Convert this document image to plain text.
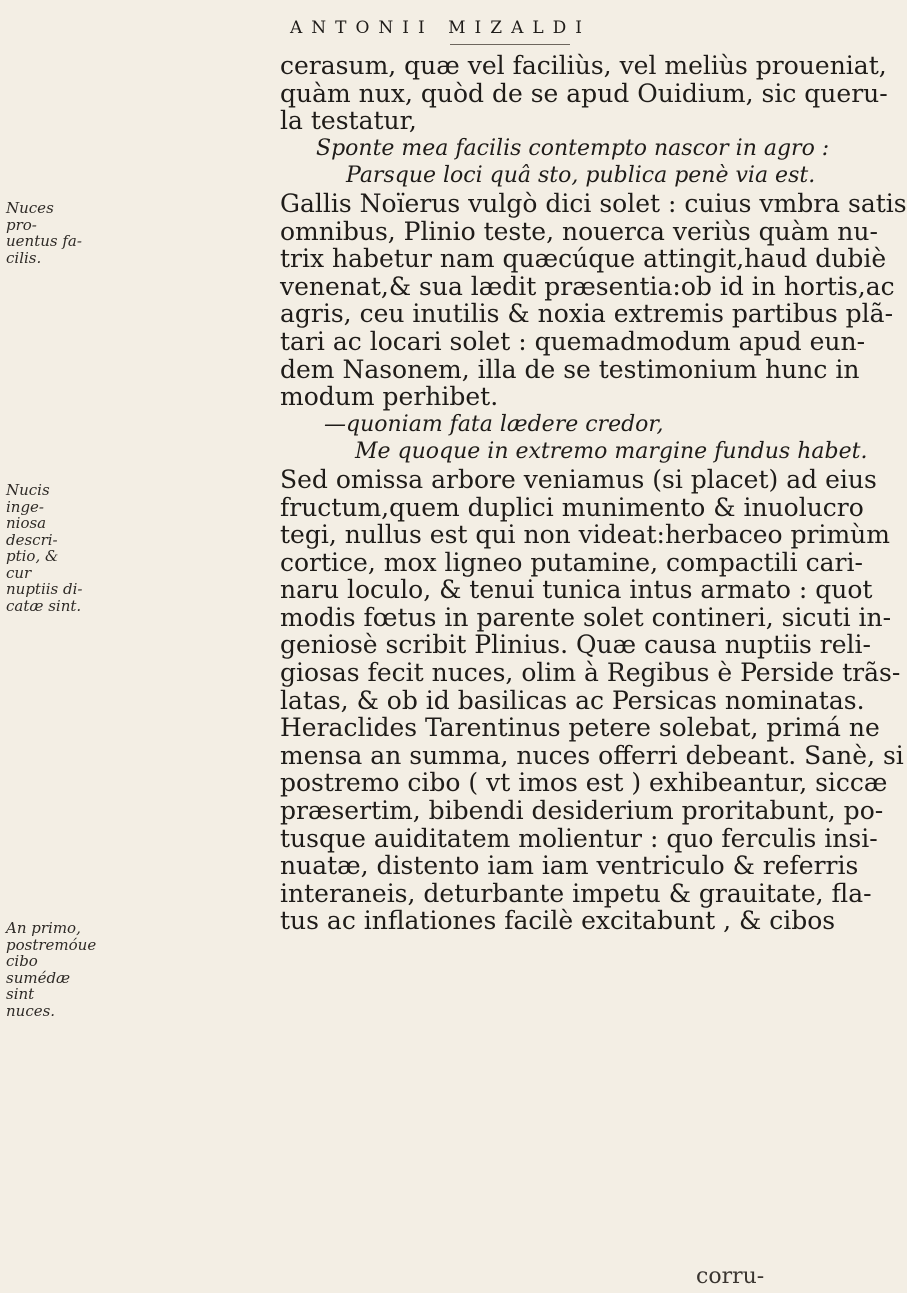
ANTONII MIZALDI
cerasum, quæ vel faciliùs, vel meliùs proueniat,
quàm nux, quòd de se apud Ouidium, sic queru-
la testatur,
Sponte mea facilis contempto nascor in agro :
Parsque loci quâ sto, publica penè via est.
Gallis Noïerus vulgò dici solet : cuius vmbra satis
omnibus, Plinio teste, nouerca veriùs quàm nu-
trix habetur nam quæcúque attingit,haud dubiè
venenat,& sua lædit præsentia:ob id in hortis,ac
agris, ceu inutilis & noxia extremis partibus plã-
tari ac locari solet : quemadmodum apud eun-
dem Nasonem, illa de se testimonium hunc in
modum perhibet.
—quoniam fata lædere credor,
Me quoque in extremo margine fundus habet.
Sed omissa arbore veniamus (si placet) ad eius
fructum,quem duplici munimento & inuolucro
tegi, nullus est qui non videat:herbaceo primùm
cortice, mox ligneo putamine, compactili cari-
naru loculo, & tenui tunica intus armato : quot
modis fœtus in parente solet contineri, sicuti in-
geniosè scribit Plinius. Quæ causa nuptiis reli-
giosas fecit nuces, olim à Regibus è Perside trãs-
latas, & ob id basilicas ac Persicas nominatas.
Heraclides Tarentinus petere solebat, primá ne
mensa an summa, nuces offerri debeant. Sanè, si
postremo cibo ( vt imos est ) exhibeantur, siccæ
præsertim, bibendi desiderium proritabunt, po-
tusque auiditatem molientur : quo ferculis insi-
nuatæ, distento iam iam ventriculo & referris
interaneis, deturbante impetu & grauitate, fla-
tus ac inflationes facilè excitabunt , & cibos
Nuces pro-
uentus fa-
cilis.
Nucis inge-
niosa descri-
ptio, & cur
nuptiis di-
catæ sint.
An primo,
postremóue
cibo sumédæ
sint nuces.
corru-
